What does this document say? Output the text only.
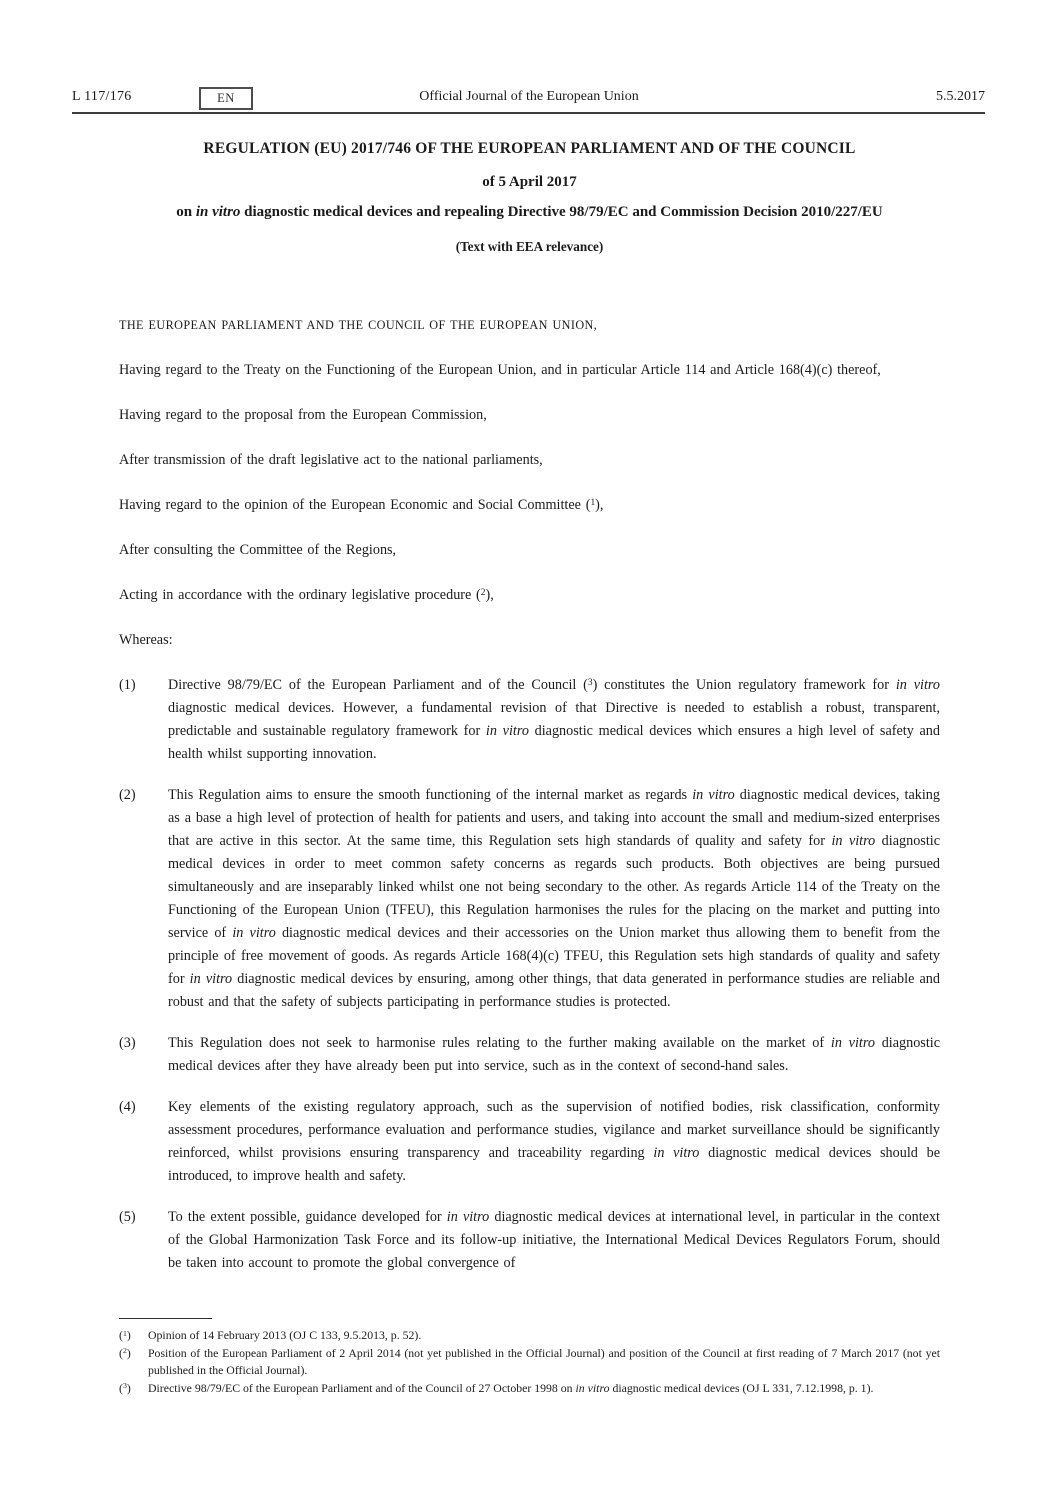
L 117/176	EN	Official Journal of the European Union	5.5.2017
REGULATION (EU) 2017/746 OF THE EUROPEAN PARLIAMENT AND OF THE COUNCIL
of 5 April 2017
on in vitro diagnostic medical devices and repealing Directive 98/79/EC and Commission Decision 2010/227/EU
(Text with EEA relevance)

THE EUROPEAN PARLIAMENT AND THE COUNCIL OF THE EUROPEAN UNION,

Having regard to the Treaty on the Functioning of the European Union, and in particular Article 114 and Article 168(4)(c) thereof,

Having regard to the proposal from the European Commission,

After transmission of the draft legislative act to the national parliaments,

Having regard to the opinion of the European Economic and Social Committee ($^1$),

After consulting the Committee of the Regions,

Acting in accordance with the ordinary legislative procedure ($^2$),

Whereas:

(1)	Directive 98/79/EC of the European Parliament and of the Council ($^3$) constitutes the Union regulatory framework for in vitro diagnostic medical devices. However, a fundamental revision of that Directive is needed to establish a robust, transparent, predictable and sustainable regulatory framework for in vitro diagnostic medical devices which ensures a high level of safety and health whilst supporting innovation.
(2)	This Regulation aims to ensure the smooth functioning of the internal market as regards in vitro diagnostic medical devices, taking as a base a high level of protection of health for patients and users, and taking into account the small and medium-sized enterprises that are active in this sector. At the same time, this Regulation sets high standards of quality and safety for in vitro diagnostic medical devices in order to meet common safety concerns as regards such products. Both objectives are being pursued simultaneously and are inseparably linked whilst one not being secondary to the other. As regards Article 114 of the Treaty on the Functioning of the European Union (TFEU), this Regulation harmonises the rules for the placing on the market and putting into service of in vitro diagnostic medical devices and their accessories on the Union market thus allowing them to benefit from the principle of free movement of goods. As regards Article 168(4)(c) TFEU, this Regulation sets high standards of quality and safety for in vitro diagnostic medical devices by ensuring, among other things, that data generated in performance studies are reliable and robust and that the safety of subjects participating in performance studies is protected.
(3)	This Regulation does not seek to harmonise rules relating to the further making available on the market of in vitro diagnostic medical devices after they have already been put into service, such as in the context of second-hand sales.
(4)	Key elements of the existing regulatory approach, such as the supervision of notified bodies, risk classification, conformity assessment procedures, performance evaluation and performance studies, vigilance and market surveillance should be significantly reinforced, whilst provisions ensuring transparency and traceability regarding in vitro diagnostic medical devices should be introduced, to improve health and safety.
(5)	To the extent possible, guidance developed for in vitro diagnostic medical devices at international level, in particular in the context of the Global Harmonization Task Force and its follow-up initiative, the International Medical Devices Regulators Forum, should be taken into account to promote the global convergence of
($^1$)	Opinion of 14 February 2013 (OJ C 133, 9.5.2013, p. 52).
($^2$)	Position of the European Parliament of 2 April 2014 (not yet published in the Official Journal) and position of the Council at first reading of 7 March 2017 (not yet published in the Official Journal).
($^3$)	Directive 98/79/EC of the European Parliament and of the Council of 27 October 1998 on in vitro diagnostic medical devices (OJ L 331, 7.12.1998, p. 1).
